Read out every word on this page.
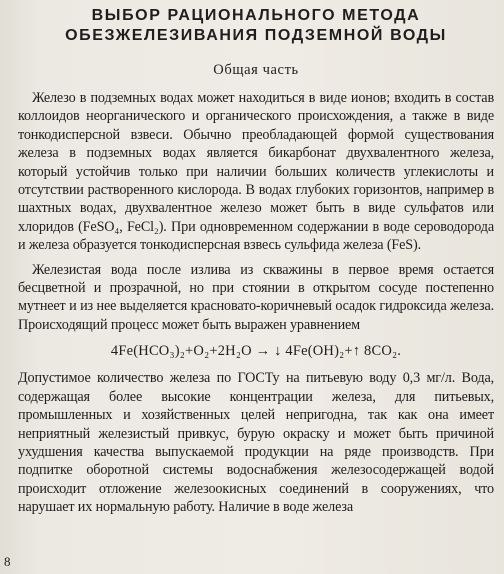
ВЫБОР РАЦИОНАЛЬНОГО МЕТОДА
ОБЕЗЖЕЛЕЗИВАНИЯ ПОДЗЕМНОЙ ВОДЫ
Общая часть

Железо в подземных водах может находиться в виде ионов; входить в состав коллоидов неорганического и органического происхождения, а также в виде тонкодисперсной взвеси. Обычно преобладающей формой существования железа в подземных водах является бикарбонат двухвалентного железа, который устойчив только при наличии больших количеств углекислоты и отсутствии растворенного кислорода. В водах глубоких горизонтов, например в шахтных водах, двухвалентное железо может быть в виде сульфатов или хлоридов (FeSO₄, FeCl₂). При одновременном содержании в воде сероводорода и железа образуется тонкодисперсная взвесь сульфида железа (FeS).

Железистая вода после излива из скважины в первое время остается бесцветной и прозрачной, но при стоянии в открытом сосуде постепенно мутнеет и из нее выделяется красновато-коричневый осадок гидроксида железа. Происходящий процесс может быть выражен уравнением

4Fe(HCO₃)₂+O₂+2H₂O → ↓ 4Fe(OH)₂+↑ 8CO₂.

Допустимое количество железа по ГОСТу на питьевую воду 0,3 мг/л. Вода, содержащая более высокие концентрации железа, для питьевых, промышленных и хозяйственных целей непригодна, так как она имеет неприятный железистый привкус, бурую окраску и может быть причиной ухудшения качества выпускаемой продукции на ряде производств. При подпитке оборотной системы водоснабжения железосодержащей водой происходит отложение железоокисных соединений в сооружениях, что нарушает их нормальную работу. Наличие в воде железа

8
